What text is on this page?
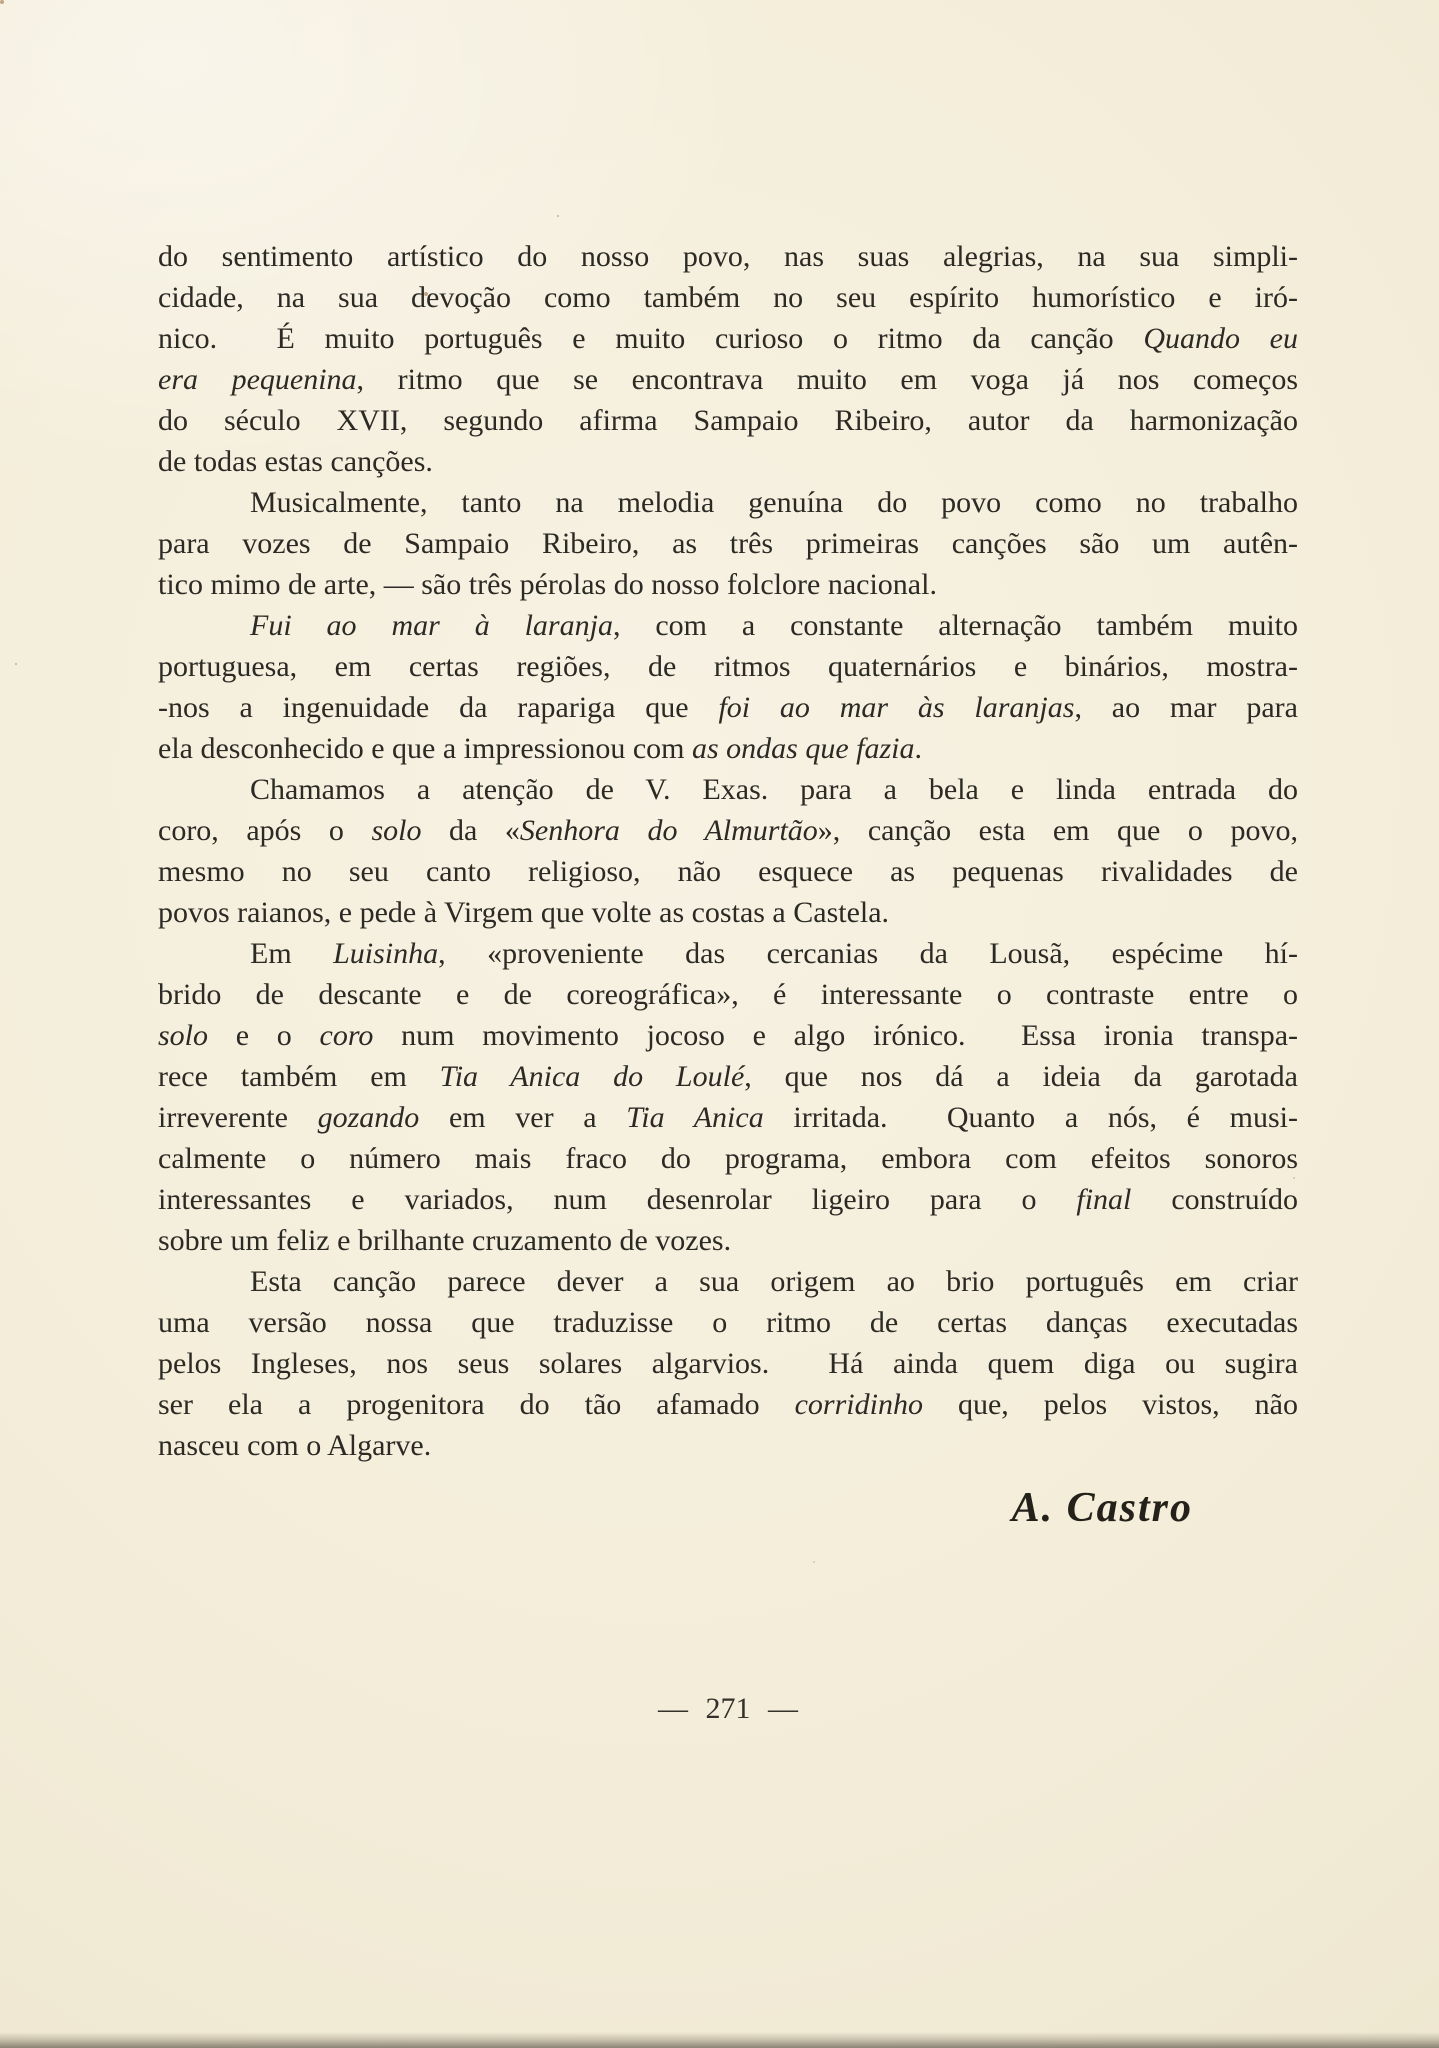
do sentimento artístico do nosso povo, nas suas alegrias, na sua simpli-
cidade, na sua devoção como também no seu espírito humorístico e iró-
nico.  É muito português e muito curioso o ritmo da canção Quando eu
era pequenina, ritmo que se encontrava muito em voga já nos começos
do século XVII, segundo afirma Sampaio Ribeiro, autor da harmonização
de todas estas canções.
Musicalmente, tanto na melodia genuína do povo como no trabalho
para vozes de Sampaio Ribeiro, as três primeiras canções são um autên-
tico mimo de arte, — são três pérolas do nosso folclore nacional.
Fui ao mar à laranja, com a constante alternação também muito
portuguesa, em certas regiões, de ritmos quaternários e binários, mostra-
-nos a ingenuidade da rapariga que foi ao mar às laranjas, ao mar para
ela desconhecido e que a impressionou com as ondas que fazia.
Chamamos a atenção de V. Exas. para a bela e linda entrada do
coro, após o solo da «Senhora do Almurtão», canção esta em que o povo,
mesmo no seu canto religioso, não esquece as pequenas rivalidades de
povos raianos, e pede à Virgem que volte as costas a Castela.
Em Luisinha, «proveniente das cercanias da Lousã, espécime hí-
brido de descante e de coreográfica», é interessante o contraste entre o
solo e o coro num movimento jocoso e algo irónico.  Essa ironia transpa-
rece também em Tia Anica do Loulé, que nos dá a ideia da garotada
irreverente gozando em ver a Tia Anica irritada.  Quanto a nós, é musi-
calmente o número mais fraco do programa, embora com efeitos sonoros
interessantes e variados, num desenrolar ligeiro para o final construído
sobre um feliz e brilhante cruzamento de vozes.
Esta canção parece dever a sua origem ao brio português em criar
uma versão nossa que traduzisse o ritmo de certas danças executadas
pelos Ingleses, nos seus solares algarvios.  Há ainda quem diga ou sugira
ser ela a progenitora do tão afamado corridinho que, pelos vistos, não
nasceu com o Algarve.
A. Castro
— 271 —
